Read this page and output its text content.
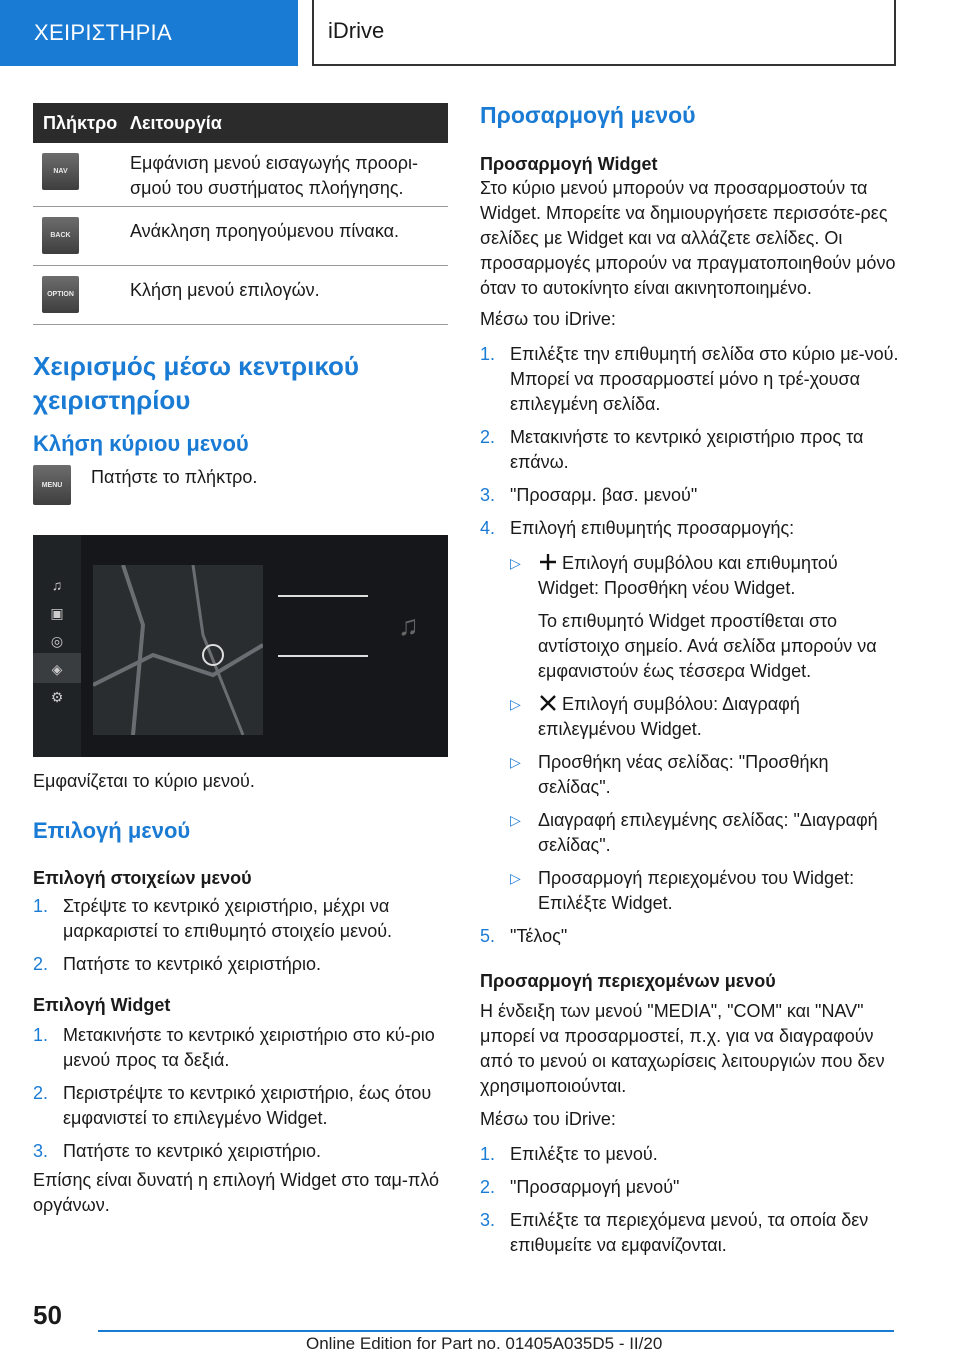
ΧΕΙΡΙΣΤΗΡΙΑ	iDrive
Πλήκτρο Λειτουργία
NAV	Εμφάνιση μενού εισαγωγής προορι-σμού του συστήματος πλοήγησης.
BACK	Ανάκληση προηγούμενου πίνακα.
OPTION	Κλήση μενού επιλογών.
Χειρισμός μέσω κεντρικού χειριστηρίου
Κλήση κύριου μενού
MENU	Πατήστε το πλήκτρο.

♫
▣
◎
◈
⚙
♫

Εμφανίζεται το κύριο μενού.

Επιλογή μενού
Επιλογή στοιχείων μενού
1. Στρέψτε το κεντρικό χειριστήριο, μέχρι να μαρκαριστεί το επιθυμητό στοιχείο μενού.
2. Πατήστε το κεντρικό χειριστήριο.
Επιλογή Widget
1. Μετακινήστε το κεντρικό χειριστήριο στο κύ-ριο μενού προς τα δεξιά.
2. Περιστρέψτε το κεντρικό χειριστήριο, έως ότου εμφανιστεί το επιλεγμένο Widget.
3. Πατήστε το κεντρικό χειριστήριο.

Επίσης είναι δυνατή η επιλογή Widget στο ταμ-πλό οργάνων.

Προσαρμογή μενού
Προσαρμογή Widget

Στο κύριο μενού μπορούν να προσαρμοστούν τα Widget. Μπορείτε να δημιουργήσετε περισσότε-ρες σελίδες με Widget και να αλλάζετε σελίδες. Οι προσαρμογές μπορούν να πραγματοποιηθούν μόνο όταν το αυτοκίνητο είναι ακινητοποιημένο.

Μέσω του iDrive:

1. Επιλέξτε την επιθυμητή σελίδα στο κύριο με-νού. Μπορεί να προσαρμοστεί μόνο η τρέ-χουσα επιλεγμένη σελίδα.
2. Μετακινήστε το κεντρικό χειριστήριο προς τα επάνω.
3. "Προσαρμ. βασ. μενού"
4. Επιλογή επιθυμητής προσαρμογής:
▷	Επιλογή συμβόλου και επιθυμητού Widget: Προσθήκη νέου Widget.
Το επιθυμητό Widget προστίθεται στο αντίστοιχο σημείο. Ανά σελίδα μπορούν να εμφανιστούν έως τέσσερα Widget.
▷	Επιλογή συμβόλου: Διαγραφή επιλεγμένου Widget.
▷ Προσθήκη νέας σελίδας: "Προσθήκη σελίδας".
▷ Διαγραφή επιλεγμένης σελίδας: "Διαγραφή σελίδας".
▷ Προσαρμογή περιεχομένου του Widget: Επιλέξτε Widget.
5. "Τέλος"
Προσαρμογή περιεχομένων μενού

Η ένδειξη των μενού "MEDIA", "COM" και "NAV" μπορεί να προσαρμοστεί, π.χ. για να διαγραφούν από το μενού οι καταχωρίσεις λειτουργιών που δεν χρησιμοποιούνται.

Μέσω του iDrive:

1. Επιλέξτε το μενού.
2. "Προσαρμογή μενού"
3. Επιλέξτε τα περιεχόμενα μενού, τα οποία δεν επιθυμείτε να εμφανίζονται.
50
Online Edition for Part no. 01405A035D5 - II/20
